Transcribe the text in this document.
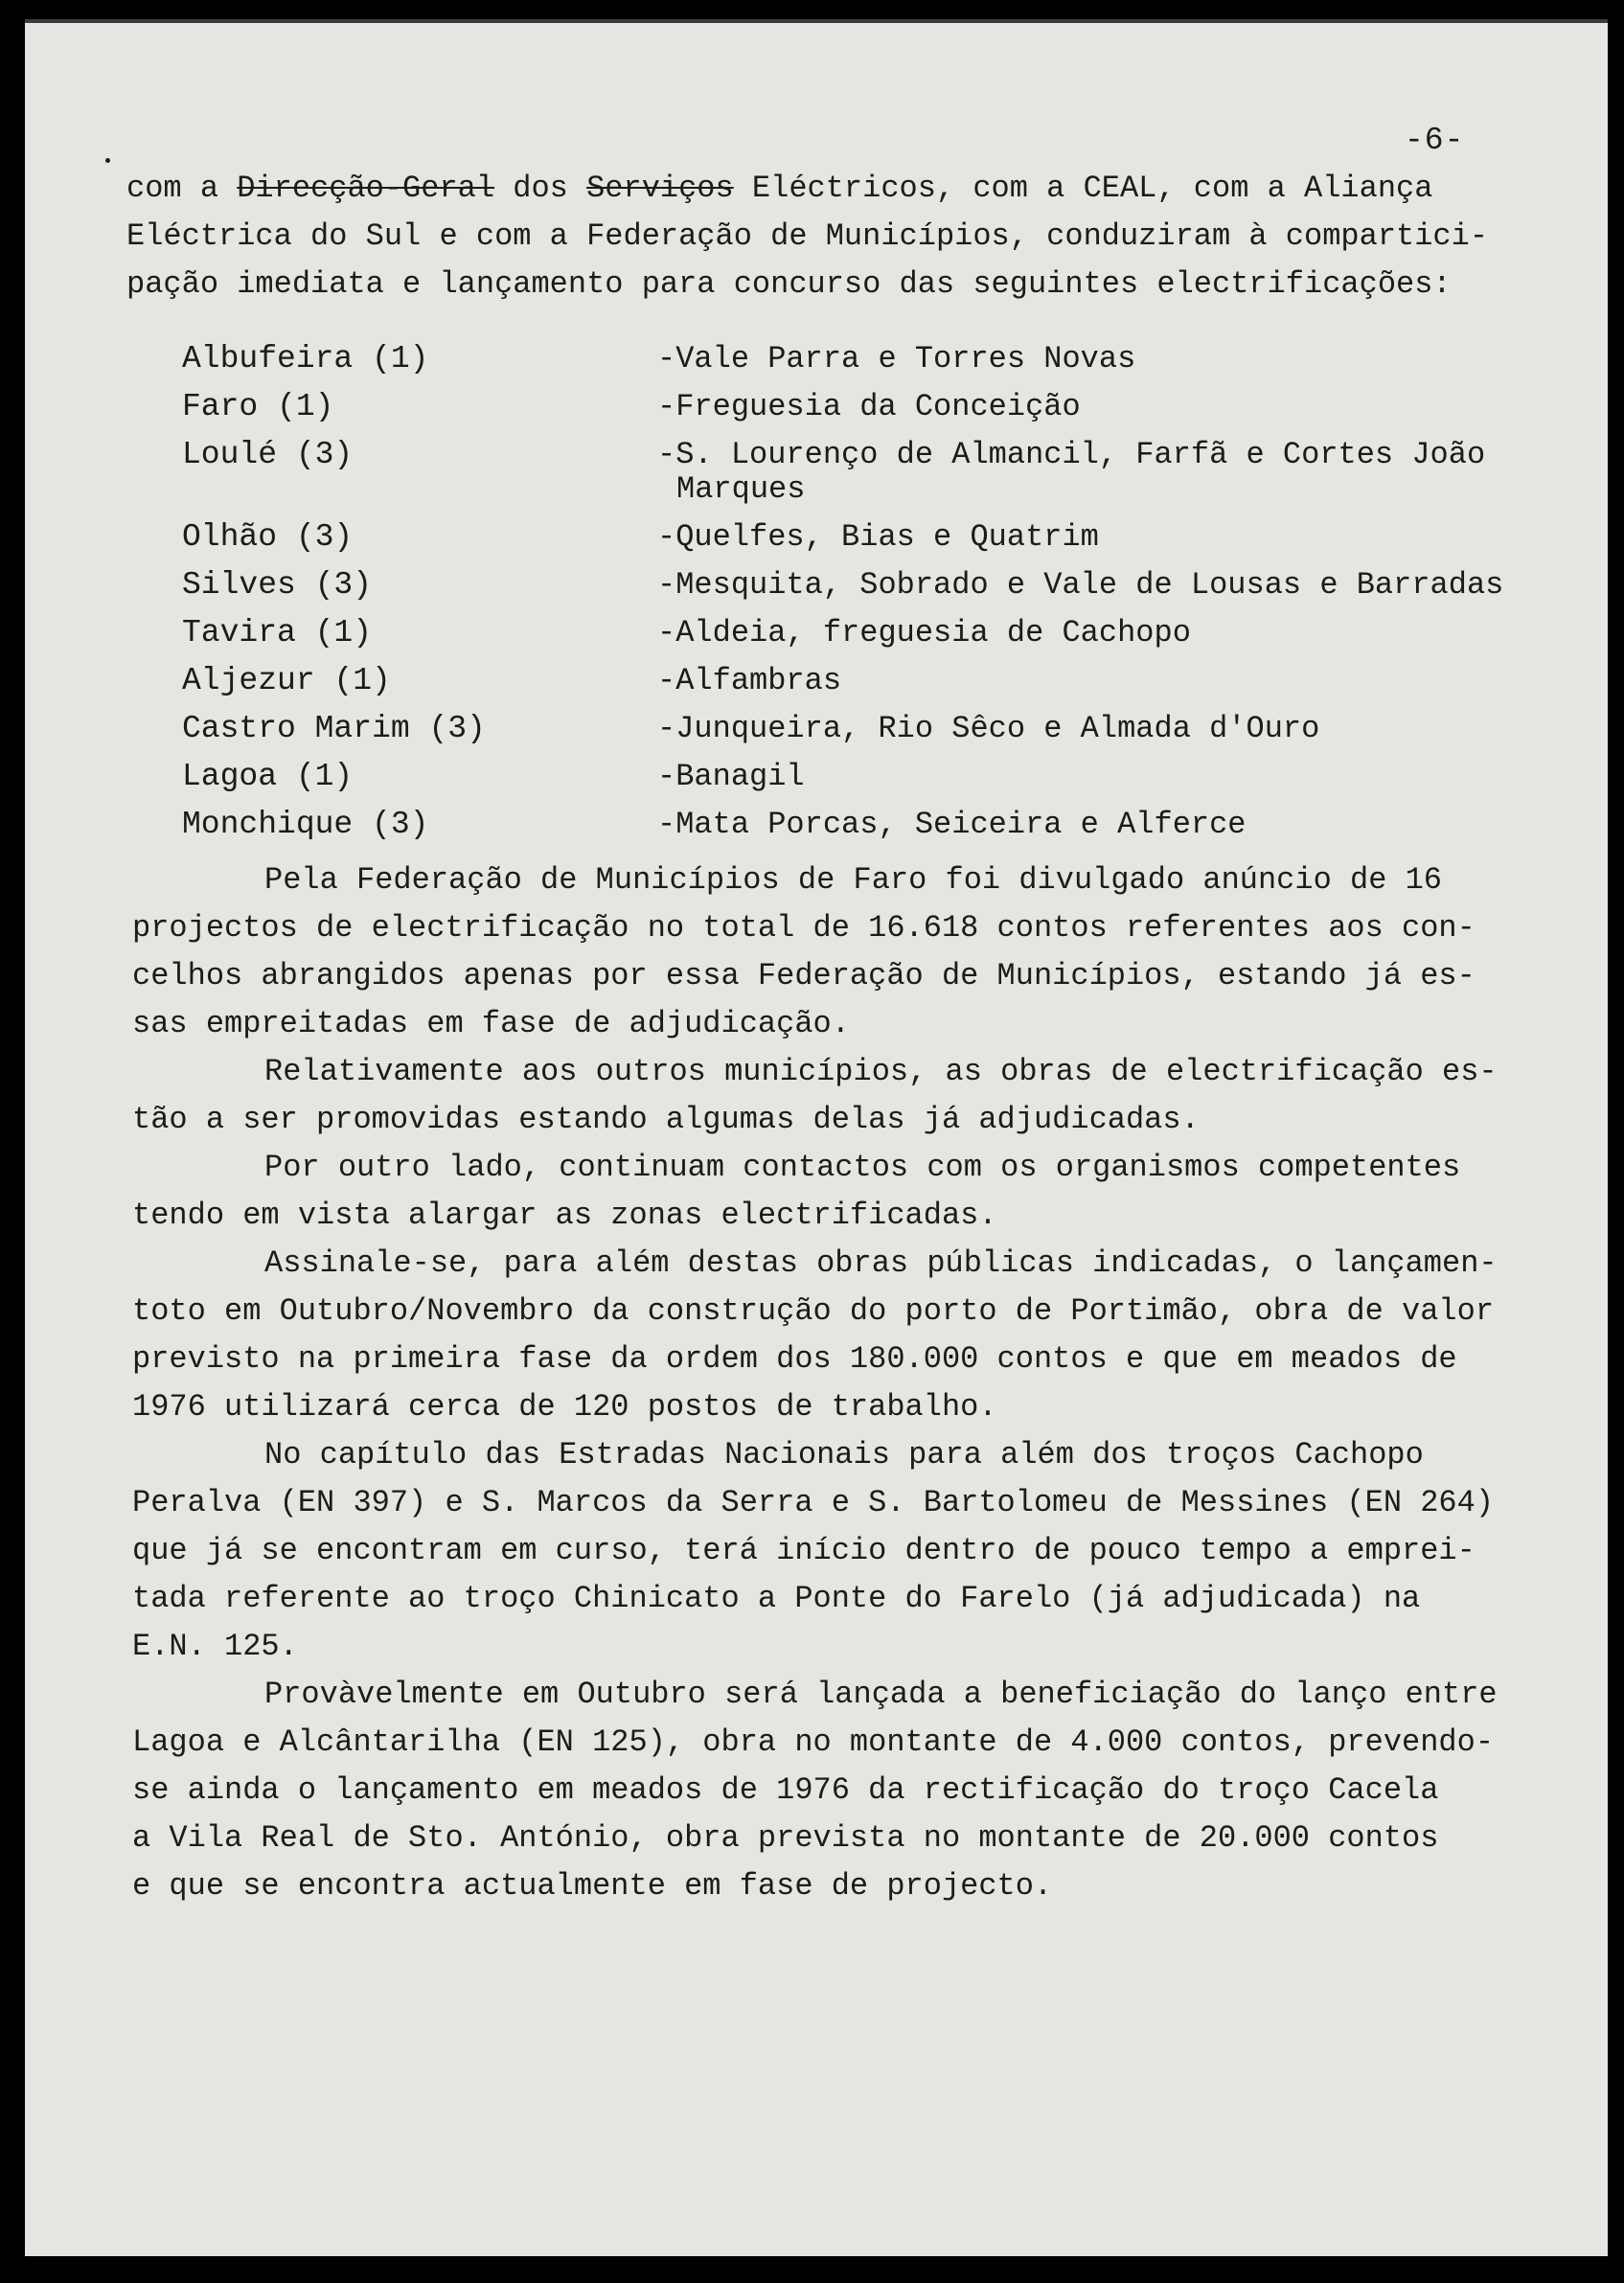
-6-
com a Direcção-Geral dos Serviços Eléctricos, com a CEAL, com a Aliança
Eléctrica do Sul e com a Federação de Municípios, conduziram à compartici-
pação imediata e lançamento para concurso das seguintes electrificações:
Albufeira (1)	-Vale Parra e Torres Novas
Faro (1)	-Freguesia da Conceição
Loulé (3)	-S. Lourenço de Almancil, Farfã e Cortes João
Marques
Olhão (3)	-Quelfes, Bias e Quatrim
Silves (3)	-Mesquita, Sobrado e Vale de Lousas e Barradas
Tavira (1)	-Aldeia, freguesia de Cachopo
Aljezur (1)	-Alfambras
Castro Marim (3)	-Junqueira, Rio Sêco e Almada d'Ouro
Lagoa (1)	-Banagil
Monchique (3)	-Mata Porcas, Seiceira e Alferce
Pela Federação de Municípios de Faro foi divulgado anúncio de 16
projectos de electrificação no total de 16.618 contos referentes aos con-
celhos abrangidos apenas por essa Federação de Municípios, estando já es-
sas empreitadas em fase de adjudicação.
Relativamente aos outros municípios, as obras de electrificação es-
tão a ser promovidas estando algumas delas já adjudicadas.
Por outro lado, continuam contactos com os organismos competentes
tendo em vista alargar as zonas electrificadas.
Assinale-se, para além destas obras públicas indicadas, o lançamen-
toto em Outubro/Novembro da construção do porto de Portimão, obra de valor
previsto na primeira fase da ordem dos 180.000 contos e que em meados de
1976 utilizará cerca de 120 postos de trabalho.
No capítulo das Estradas Nacionais para além dos troços Cachopo
Peralva (EN 397) e S. Marcos da Serra e S. Bartolomeu de Messines (EN 264)
que já se encontram em curso, terá início dentro de pouco tempo a emprei-
tada referente ao troço Chinicato a Ponte do Farelo (já adjudicada) na
E.N. 125.
Provàvelmente em Outubro será lançada a beneficiação do lanço entre
Lagoa e Alcântarilha (EN 125), obra no montante de 4.000 contos, prevendo-
se ainda o lançamento em meados de 1976 da rectificação do troço Cacela
a Vila Real de Sto. António, obra prevista no montante de 20.000 contos
e que se encontra actualmente em fase de projecto.
